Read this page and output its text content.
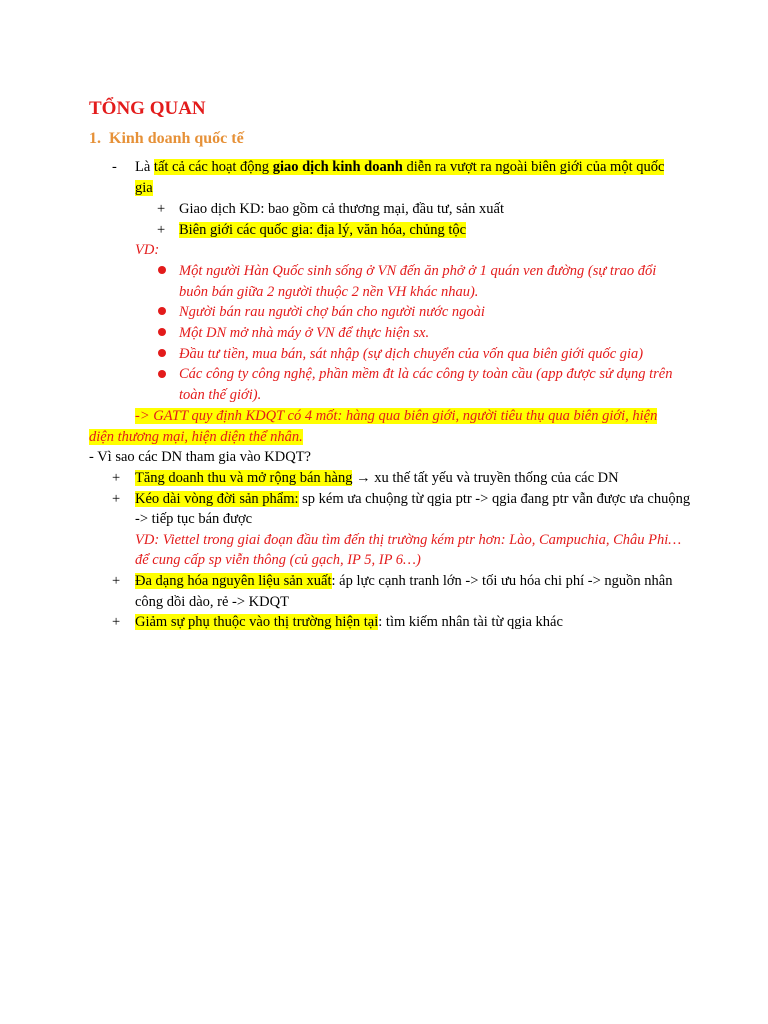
TỔNG QUAN
1. Kinh doanh quốc tế
- Là tất cả các hoạt động giao dịch kinh doanh diễn ra vượt ra ngoài biên giới của một quốc
gia
+ Giao dịch KD: bao gồm cả thương mại, đầu tư, sản xuất
+ Biên giới các quốc gia: địa lý, văn hóa, chủng tộc
VD:
Một người Hàn Quốc sinh sống ở VN đến ăn phở ở 1 quán ven đường (sự trao đổi
buôn bán giữa 2 người thuộc 2 nền VH khác nhau).
Người bán rau người chợ bán cho người nước ngoài
Một DN mở nhà máy ở VN để thực hiện sx.
Đầu tư tiền, mua bán, sát nhập (sự dịch chuyển của vốn qua biên giới quốc gia)
Các công ty công nghệ, phần mềm đt là các công ty toàn cầu (app được sử dụng trên
toàn thế giới).
-> GATT quy định KDQT có 4 mốt: hàng qua biên giới, người tiêu thụ qua biên giới, hiện
diện thương mại, hiện diện thể nhân.
- Vì sao các DN tham gia vào KDQT?
+ Tăng doanh thu và mở rộng bán hàng → xu thế tất yếu và truyền thống của các DN
+ Kéo dài vòng đời sản phẩm: sp kém ưa chuộng từ qgia ptr -> qgia đang ptr vẫn được ưa chuộng
-> tiếp tục bán được
VD: Viettel trong giai đoạn đầu tìm đến thị trường kém ptr hơn: Lào, Campuchia, Châu Phi…
để cung cấp sp viễn thông (củ gạch, IP 5, IP 6…)
+ Đa dạng hóa nguyên liệu sản xuất: áp lực cạnh tranh lớn -> tối ưu hóa chi phí -> nguồn nhân
công dồi dào, rẻ -> KDQT
+ Giảm sự phụ thuộc vào thị trường hiện tại: tìm kiếm nhân tài từ qgia khác
